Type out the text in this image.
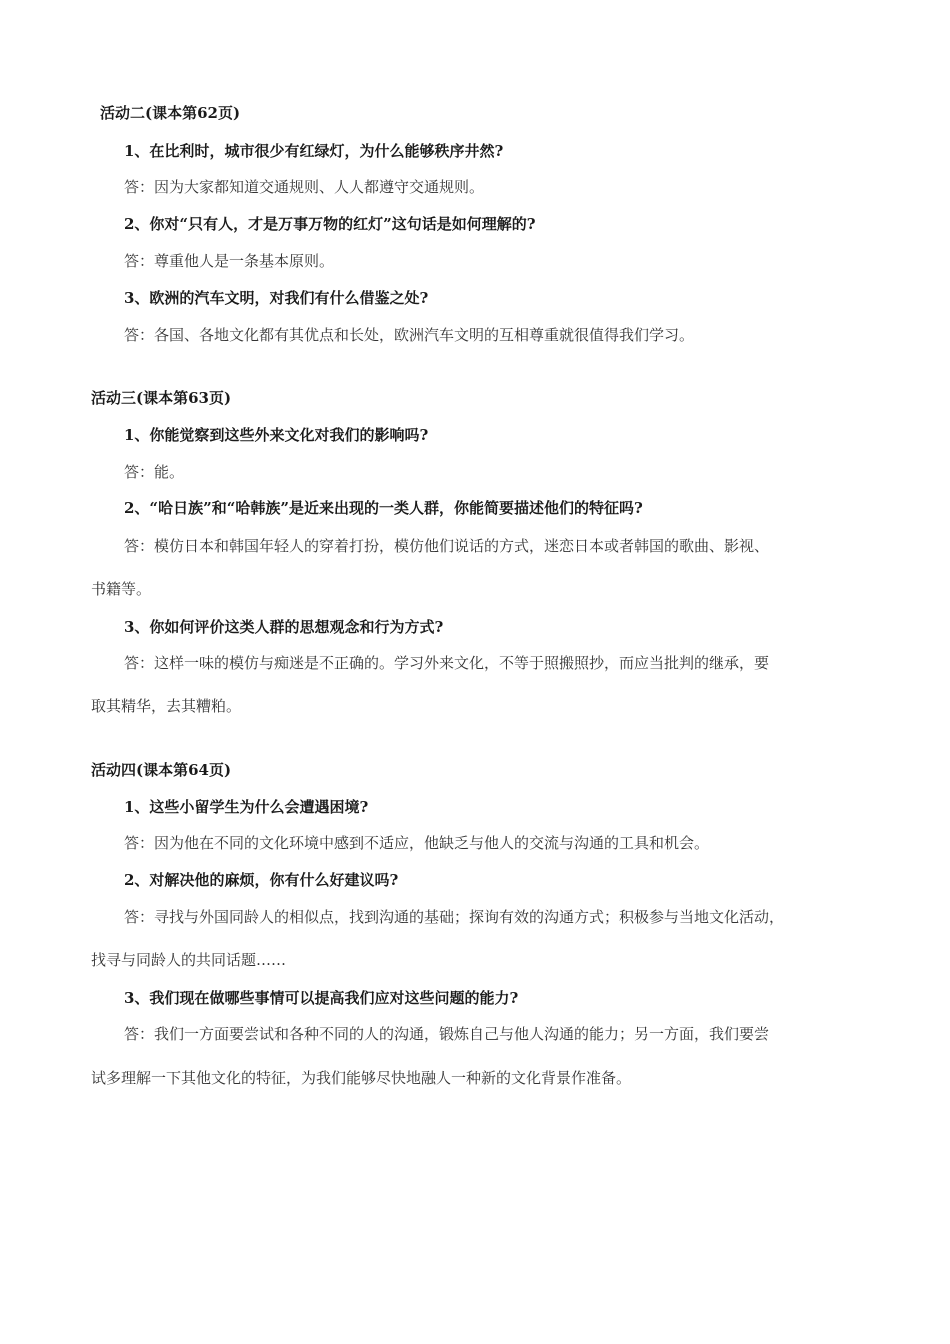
活动二(课本第62页)
1、在比利时，城市很少有红绿灯，为什么能够秩序井然?
答：因为大家都知道交通规则、人人都遵守交通规则。
2、你对“只有人，才是万事万物的红灯”这句话是如何理解的?
答：尊重他人是一条基本原则。
3、欧洲的汽车文明，对我们有什么借鉴之处?
答：各国、各地文化都有其优点和长处，欧洲汽车文明的互相尊重就很值得我们学习。
活动三(课本第63页)
1、你能觉察到这些外来文化对我们的影响吗?
答：能。
2、“哈日族”和“哈韩族”是近来出现的一类人群，你能简要描述他们的特征吗?
答：模仿日本和韩国年轻人的穿着打扮，模仿他们说话的方式，迷恋日本或者韩国的歌曲、影视、
书籍等。
3、你如何评价这类人群的思想观念和行为方式?
答：这样一味的模仿与痴迷是不正确的。学习外来文化，不等于照搬照抄，而应当批判的继承，要
取其精华，去其糟粕。
活动四(课本第64页)
1、这些小留学生为什么会遭遇困境?
答：因为他在不同的文化环境中感到不适应，他缺乏与他人的交流与沟通的工具和机会。
2、对解决他的麻烦，你有什么好建议吗?
答：寻找与外国同龄人的相似点，找到沟通的基础；探询有效的沟通方式；积极参与当地文化活动，
找寻与同龄人的共同话题……
3、我们现在做哪些事情可以提高我们应对这些问题的能力?
答：我们一方面要尝试和各种不同的人的沟通，锻炼自己与他人沟通的能力；另一方面，我们要尝
试多理解一下其他文化的特征，为我们能够尽快地融人一种新的文化背景作准备。
